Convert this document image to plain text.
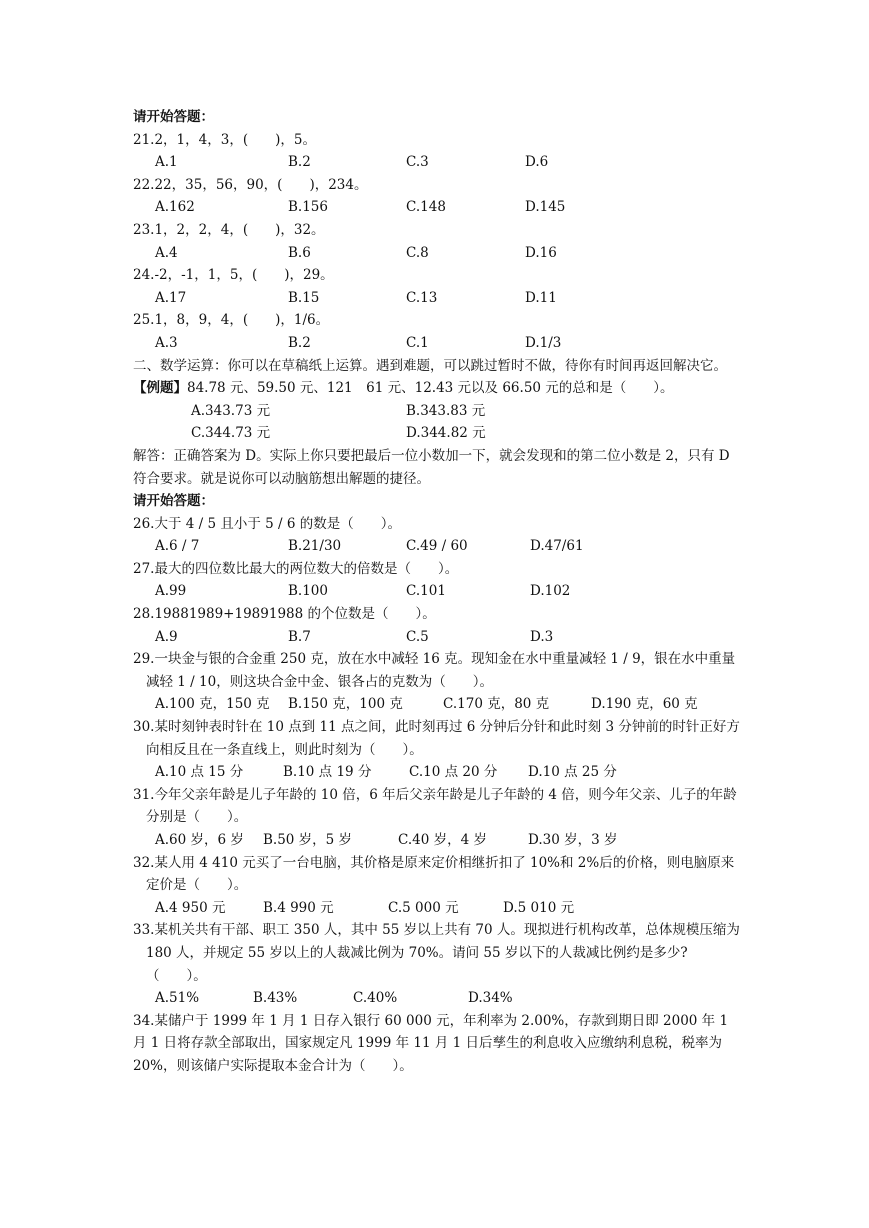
请开始答题：
21.2，1，4，3，(　　)，5。
A.1	B.2	C.3	D.6
22.22，35，56，90，(　　)，234。
A.162	B.156	C.148	D.145
23.1，2，2，4，(　　)，32。
A.4	B.6	C.8	D.16
24.-2，-1，1，5，(　　)，29。
A.17	B.15	C.13	D.11
25.1，8，9，4，(　　)，1/6。
A.3	B.2	C.1	D.1/3
二、数学运算：你可以在草稿纸上运算。遇到难题，可以跳过暂时不做，待你有时间再返回解决它。
【例题】84.78 元、59.50 元、121　61 元、12.43 元以及 66.50 元的总和是（　　）。
A.343.73 元	B.343.83 元
C.344.73 元	D.344.82 元
解答：正确答案为 D。实际上你只要把最后一位小数加一下，就会发现和的第二位小数是 2，只有 D 符合要求。就是说你可以动脑筋想出解题的捷径。
请开始答题：
26.大于 4 / 5 且小于 5 / 6 的数是（　　）。
A.6 / 7	B.21/30	C.49 / 60	D.47/61
27.最大的四位数比最大的两位数大的倍数是（　　）。
A.99	B.100	C.101	D.102
28.19881989+19891988 的个位数是（　　）。
A.9	B.7	C.5	D.3
29.一块金与银的合金重 250 克，放在水中减轻 16 克。现知金在水中重量减轻 1 / 9，银在水中重量减轻 1 / 10，则这块合金中金、银各占的克数为（　　）。
A.100 克，150 克 B.150 克，100 克	C.170 克，80 克	D.190 克，60 克
30.某时刻钟表时针在 10 点到 11 点之间，此时刻再过 6 分钟后分针和此时刻 3 分钟前的时针正好方向相反且在一条直线上，则此时刻为（　　）。
A.10 点 15 分	B.10 点 19 分	C.10 点 20 分 D.10 点 25 分
31.今年父亲年龄是儿子年龄的 10 倍，6 年后父亲年龄是儿子年龄的 4 倍，则今年父亲、儿子的年龄分别是（　　）。
A.60 岁，6 岁 B.50 岁，5 岁	C.40 岁，4 岁	D.30 岁，3 岁
32.某人用 4 410 元买了一台电脑，其价格是原来定价相继折扣了 10%和 2%后的价格，则电脑原来定价是（　　）。
A.4 950 元	B.4 990 元	C.5 000 元	D.5 010 元
33.某机关共有干部、职工 350 人，其中 55 岁以上共有 70 人。现拟进行机构改革，总体规模压缩为 180 人，并规定 55 岁以上的人裁减比例为 70%。请问 55 岁以下的人裁减比例约是多少?（　　）。
A.51%	B.43%	C.40%	D.34%
34.某储户于 1999 年 1 月 1 日存入银行 60 000 元，年利率为 2.00%，存款到期日即 2000 年 1 月 1 日将存款全部取出，国家规定凡 1999 年 11 月 1 日后孳生的利息收入应缴纳利息税，税率为 20%，则该储户实际提取本金合计为（　　）。
